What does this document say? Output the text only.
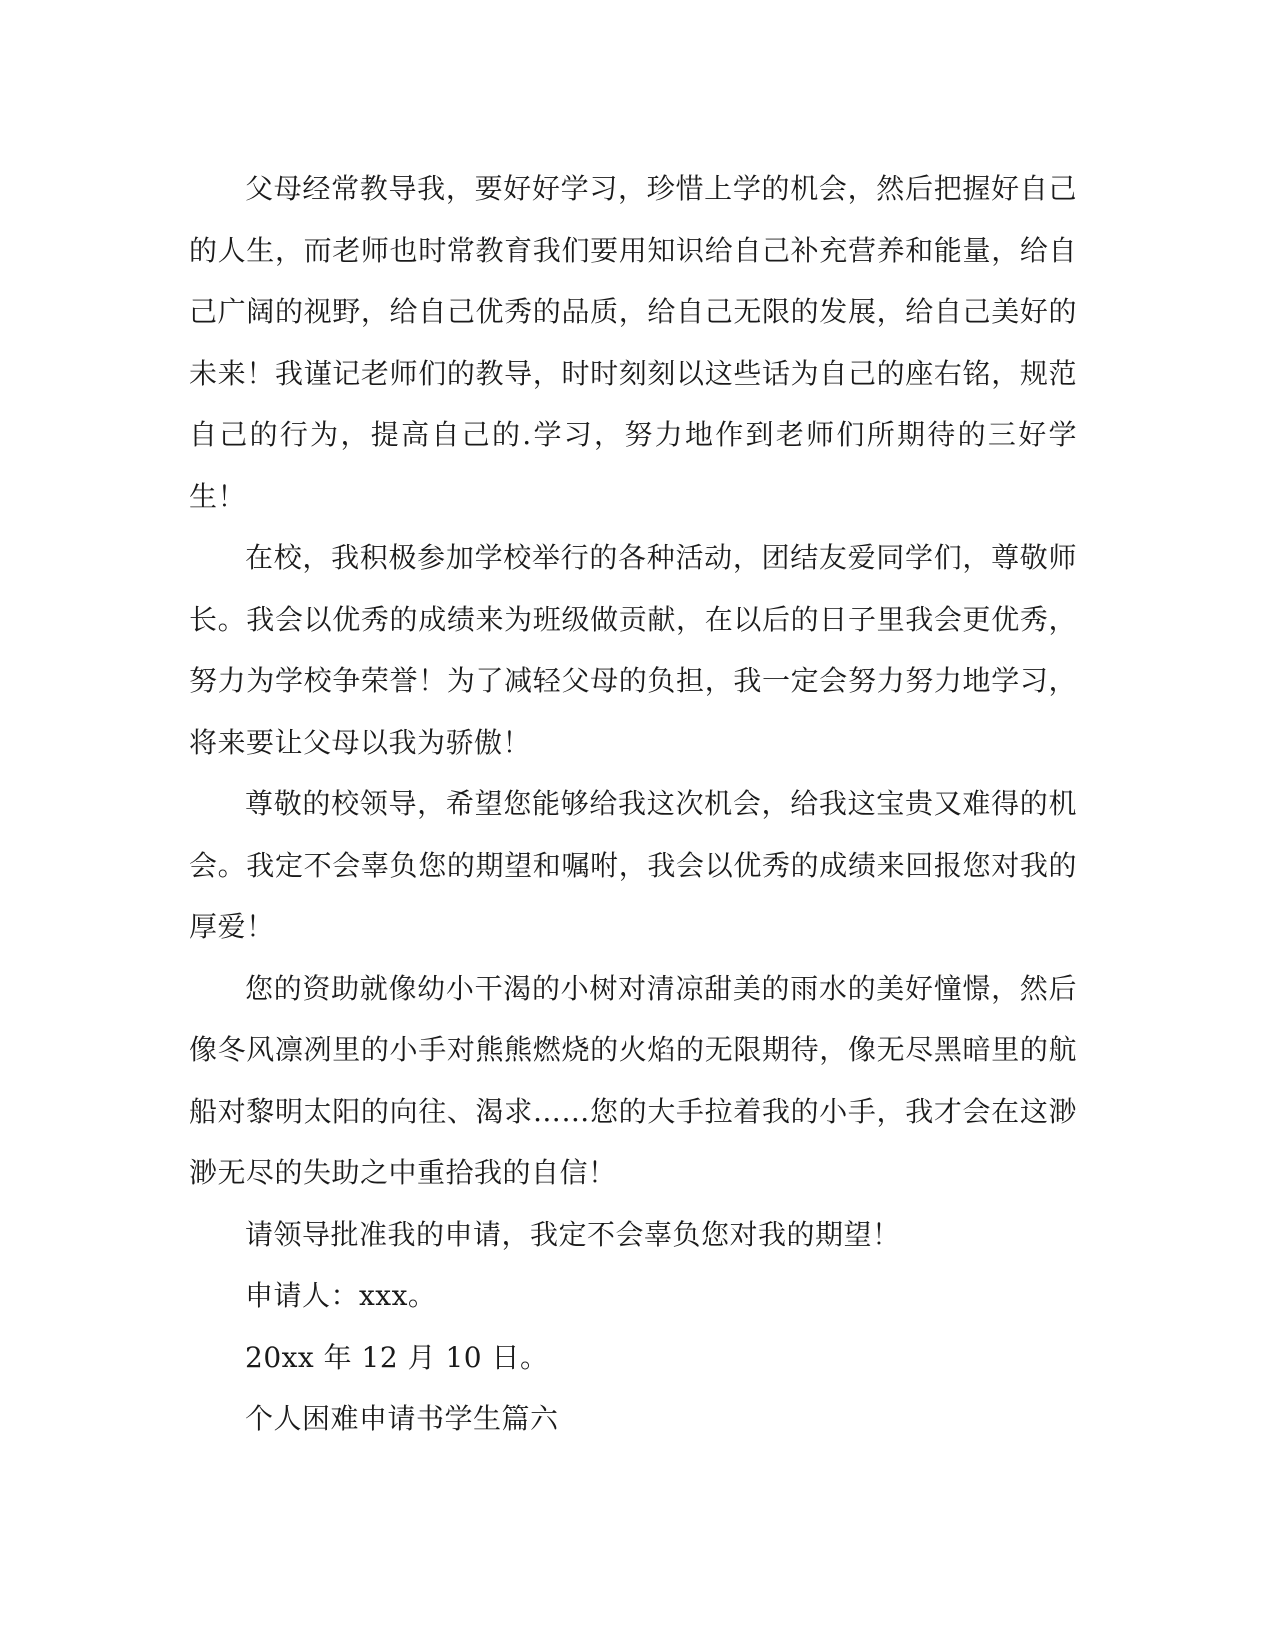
父母经常教导我，要好好学习，珍惜上学的机会，然后把握好自己的人生，而老师也时常教育我们要用知识给自己补充营养和能量，给自己广阔的视野，给自己优秀的品质，给自己无限的发展，给自己美好的未来！我谨记老师们的教导，时时刻刻以这些话为自己的座右铭，规范自己的行为，提高自己的.学习，努力地作到老师们所期待的三好学生！

在校，我积极参加学校举行的各种活动，团结友爱同学们，尊敬师长。我会以优秀的成绩来为班级做贡献，在以后的日子里我会更优秀，努力为学校争荣誉！为了减轻父母的负担，我一定会努力努力地学习，将来要让父母以我为骄傲！

尊敬的校领导，希望您能够给我这次机会，给我这宝贵又难得的机会。我定不会辜负您的期望和嘱咐，我会以优秀的成绩来回报您对我的厚爱！

您的资助就像幼小干渴的小树对清凉甜美的雨水的美好憧憬，然后像冬风凛冽里的小手对熊熊燃烧的火焰的无限期待，像无尽黑暗里的航船对黎明太阳的向往、渴求……您的大手拉着我的小手，我才会在这渺渺无尽的失助之中重拾我的自信！

请领导批准我的申请，我定不会辜负您对我的期望！

申请人：xxx。

20xx 年 12 月 10 日。

个人困难申请书学生篇六
